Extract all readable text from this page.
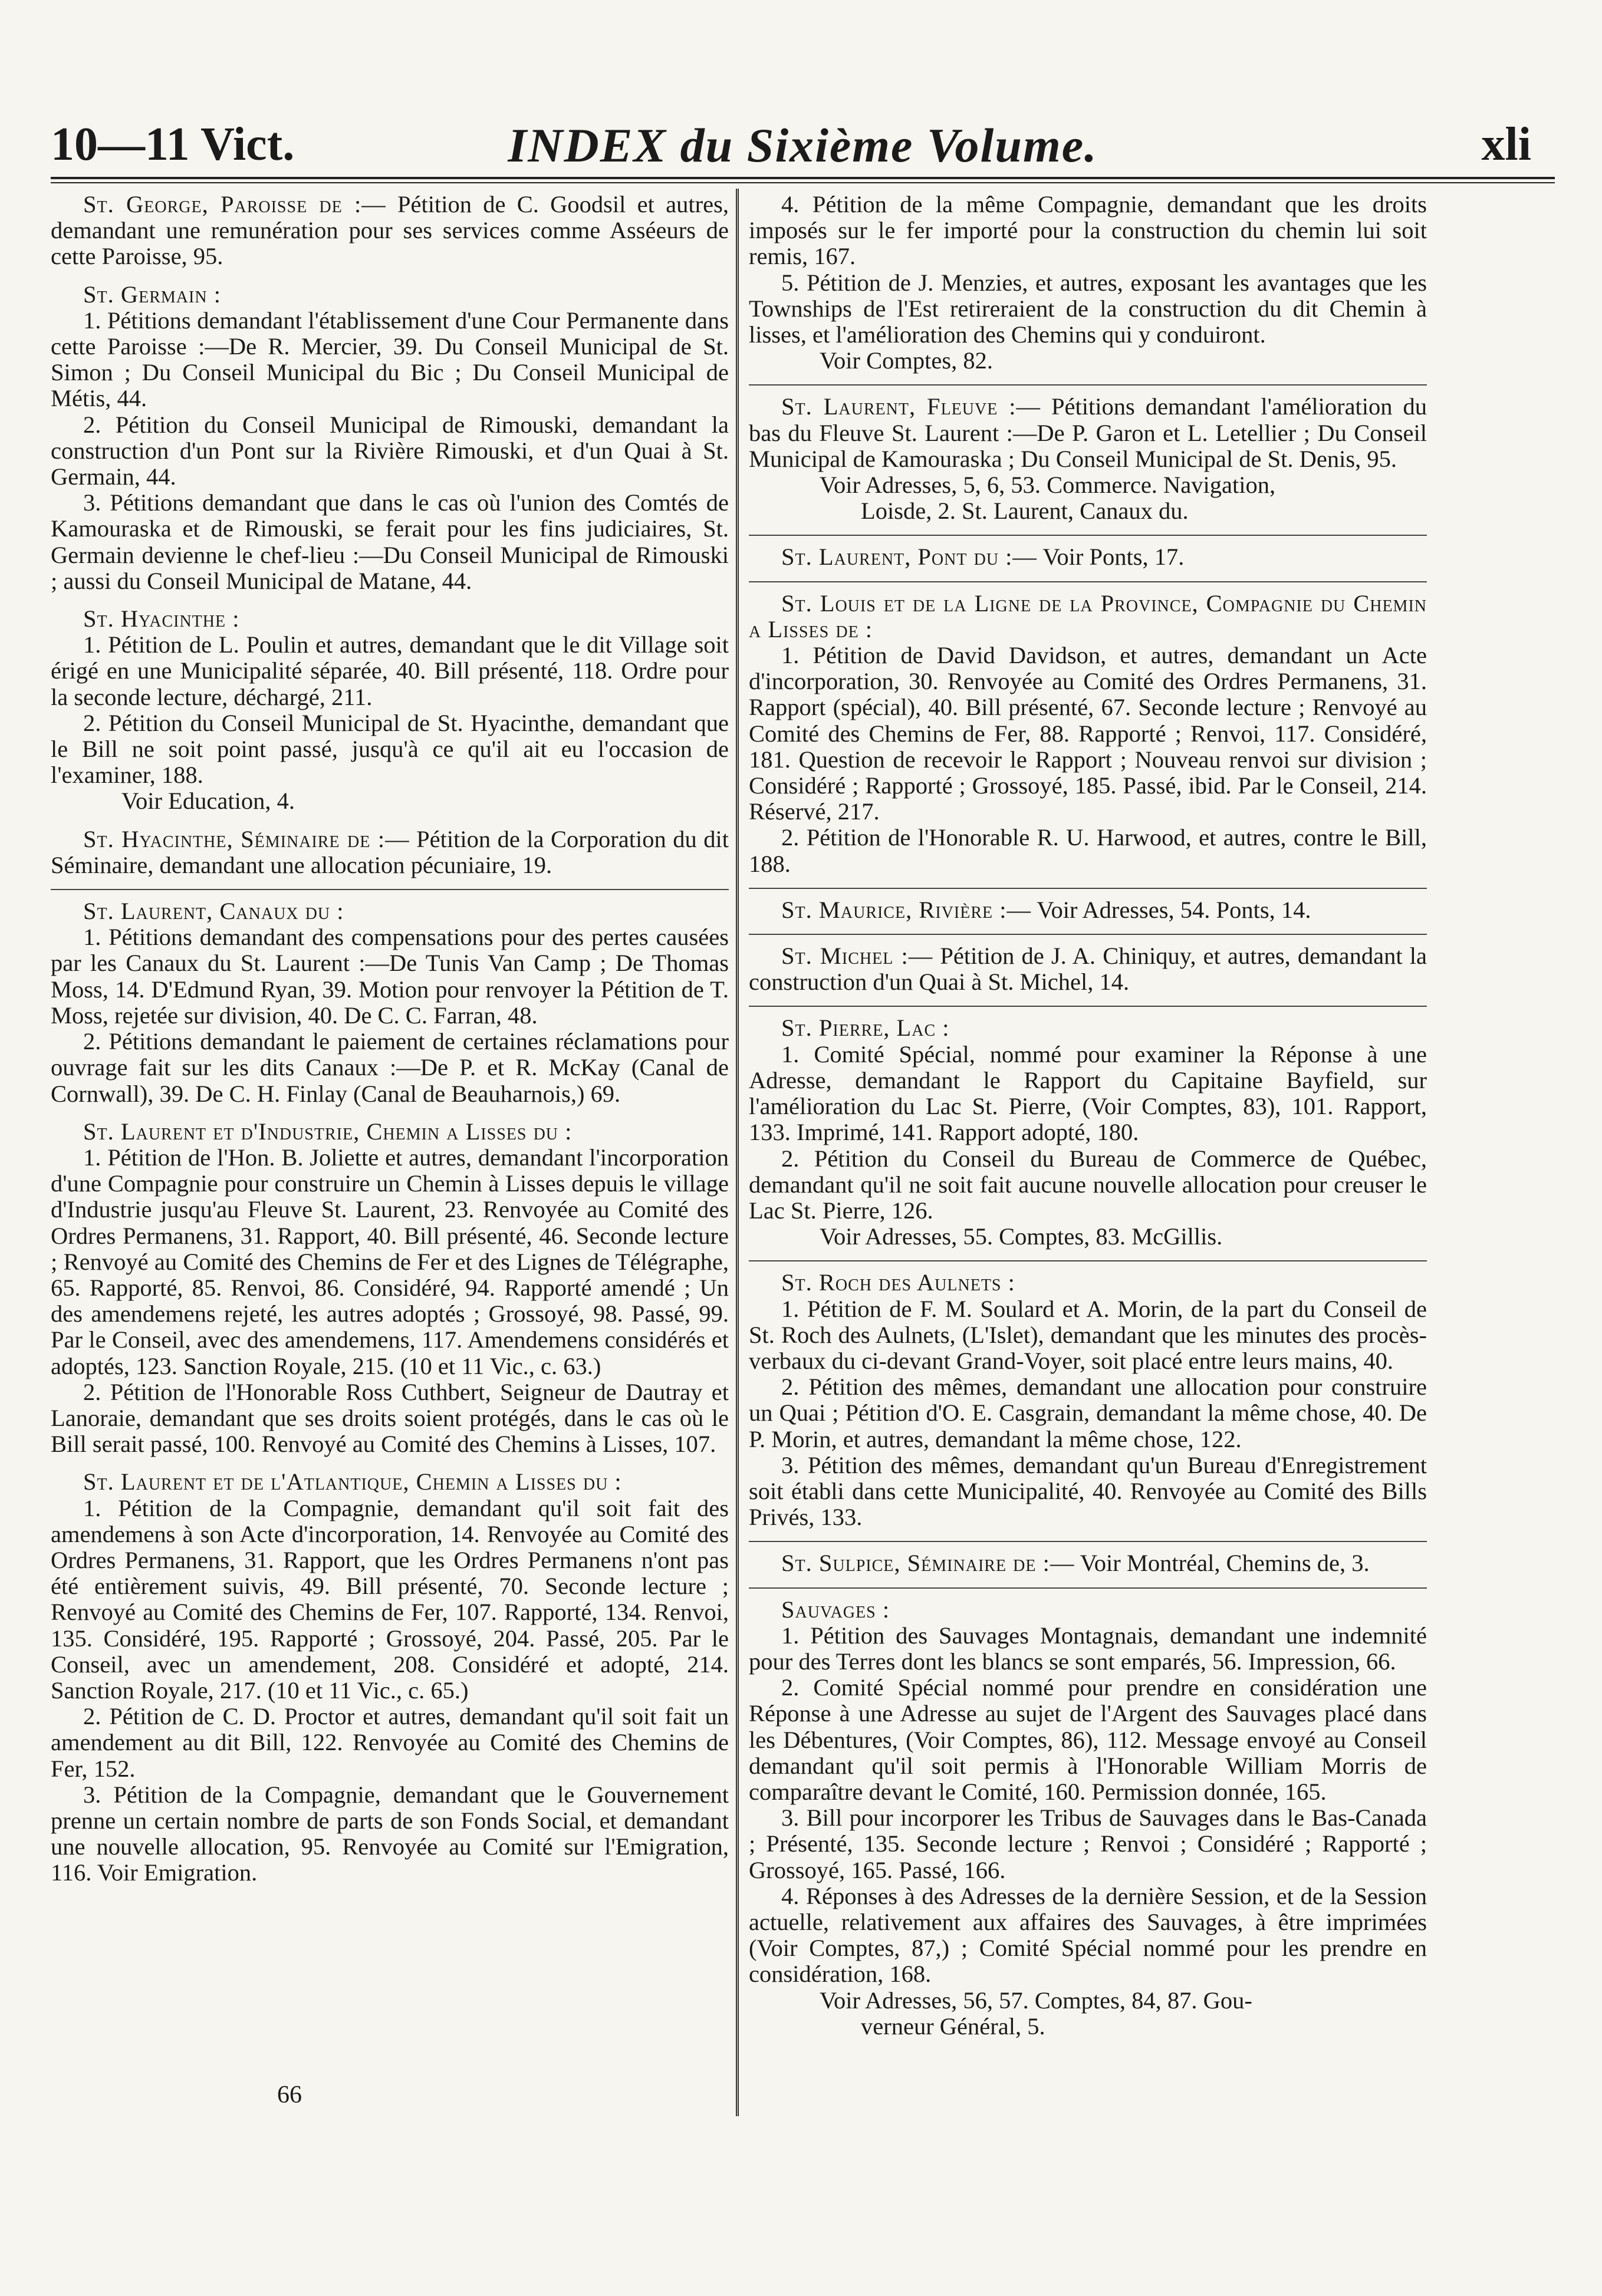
10—11 Vict.	INDEX du Sixième Volume.	xli

St. George, Paroisse de :— Pétition de C. Goodsil et autres, demandant une remunération pour ses services comme Asséeurs de cette Paroisse, 95.

St. Germain :

1. Pétitions demandant l'établissement d'une Cour Permanente dans cette Paroisse :—De R. Mercier, 39. Du Conseil Municipal de St. Simon ; Du Conseil Municipal du Bic ; Du Conseil Municipal de Métis, 44.

2. Pétition du Conseil Municipal de Rimouski, demandant la construction d'un Pont sur la Rivière Rimouski, et d'un Quai à St. Germain, 44.

3. Pétitions demandant que dans le cas où l'union des Comtés de Kamouraska et de Rimouski, se ferait pour les fins judiciaires, St. Germain devienne le chef-lieu :—Du Conseil Municipal de Rimouski ; aussi du Conseil Municipal de Matane, 44.

St. Hyacinthe :

1. Pétition de L. Poulin et autres, demandant que le dit Village soit érigé en une Municipalité séparée, 40. Bill présenté, 118. Ordre pour la seconde lecture, déchargé, 211.

2. Pétition du Conseil Municipal de St. Hyacinthe, demandant que le Bill ne soit point passé, jusqu'à ce qu'il ait eu l'occasion de l'examiner, 188.

Voir Education, 4.

St. Hyacinthe, Séminaire de :— Pétition de la Corporation du dit Séminaire, demandant une allocation pécuniaire, 19.

St. Laurent, Canaux du :

1. Pétitions demandant des compensations pour des pertes causées par les Canaux du St. Laurent :—De Tunis Van Camp ; De Thomas Moss, 14. D'Edmund Ryan, 39. Motion pour renvoyer la Pétition de T. Moss, rejetée sur division, 40. De C. C. Farran, 48.

2. Pétitions demandant le paiement de certaines réclamations pour ouvrage fait sur les dits Canaux :—De P. et R. McKay (Canal de Cornwall), 39. De C. H. Finlay (Canal de Beauharnois,) 69.

St. Laurent et d'Industrie, Chemin a Lisses du :

1. Pétition de l'Hon. B. Joliette et autres, demandant l'incorporation d'une Compagnie pour construire un Chemin à Lisses depuis le village d'Industrie jusqu'au Fleuve St. Laurent, 23. Renvoyée au Comité des Ordres Permanens, 31. Rapport, 40. Bill présenté, 46. Seconde lecture ; Renvoyé au Comité des Chemins de Fer et des Lignes de Télégraphe, 65. Rapporté, 85. Renvoi, 86. Considéré, 94. Rapporté amendé ; Un des amendemens rejeté, les autres adoptés ; Grossoyé, 98. Passé, 99. Par le Conseil, avec des amendemens, 117. Amendemens considérés et adoptés, 123. Sanction Royale, 215. (10 et 11 Vic., c. 63.)

2. Pétition de l'Honorable Ross Cuthbert, Seigneur de Dautray et Lanoraie, demandant que ses droits soient protégés, dans le cas où le Bill serait passé, 100. Renvoyé au Comité des Chemins à Lisses, 107.

St. Laurent et de l'Atlantique, Chemin a Lisses du :

1. Pétition de la Compagnie, demandant qu'il soit fait des amendemens à son Acte d'incorporation, 14. Renvoyée au Comité des Ordres Permanens, 31. Rapport, que les Ordres Permanens n'ont pas été entièrement suivis, 49. Bill présenté, 70. Seconde lecture ; Renvoyé au Comité des Chemins de Fer, 107. Rapporté, 134. Renvoi, 135. Considéré, 195. Rapporté ; Grossoyé, 204. Passé, 205. Par le Conseil, avec un amendement, 208. Considéré et adopté, 214. Sanction Royale, 217. (10 et 11 Vic., c. 65.)

2. Pétition de C. D. Proctor et autres, demandant qu'il soit fait un amendement au dit Bill, 122. Renvoyée au Comité des Chemins de Fer, 152.

3. Pétition de la Compagnie, demandant que le Gouvernement prenne un certain nombre de parts de son Fonds Social, et demandant une nouvelle allocation, 95. Renvoyée au Comité sur l'Emigration, 116. Voir Emigration.

4. Pétition de la même Compagnie, demandant que les droits imposés sur le fer importé pour la construction du chemin lui soit remis, 167.

5. Pétition de J. Menzies, et autres, exposant les avantages que les Townships de l'Est retireraient de la construction du dit Chemin à lisses, et l'amélioration des Chemins qui y conduiront.

Voir Comptes, 82.

St. Laurent, Fleuve :— Pétitions demandant l'amélioration du bas du Fleuve St. Laurent :—De P. Garon et L. Letellier ; Du Conseil Municipal de Kamouraska ; Du Conseil Municipal de St. Denis, 95.

Voir Adresses, 5, 6, 53. Commerce. Navigation,

Loisde, 2. St. Laurent, Canaux du.

St. Laurent, Pont du :— Voir Ponts, 17.

St. Louis et de la Ligne de la Province, Compagnie du Chemin a Lisses de :

1. Pétition de David Davidson, et autres, demandant un Acte d'incorporation, 30. Renvoyée au Comité des Ordres Permanens, 31. Rapport (spécial), 40. Bill présenté, 67. Seconde lecture ; Renvoyé au Comité des Chemins de Fer, 88. Rapporté ; Renvoi, 117. Considéré, 181. Question de recevoir le Rapport ; Nouveau renvoi sur division ; Considéré ; Rapporté ; Grossoyé, 185. Passé, ibid. Par le Conseil, 214. Réservé, 217.

2. Pétition de l'Honorable R. U. Harwood, et autres, contre le Bill, 188.

St. Maurice, Rivière :— Voir Adresses, 54. Ponts, 14.

St. Michel :— Pétition de J. A. Chiniquy, et autres, demandant la construction d'un Quai à St. Michel, 14.

St. Pierre, Lac :

1. Comité Spécial, nommé pour examiner la Réponse à une Adresse, demandant le Rapport du Capitaine Bayfield, sur l'amélioration du Lac St. Pierre, (Voir Comptes, 83), 101. Rapport, 133. Imprimé, 141. Rapport adopté, 180.

2. Pétition du Conseil du Bureau de Commerce de Québec, demandant qu'il ne soit fait aucune nouvelle allocation pour creuser le Lac St. Pierre, 126.

Voir Adresses, 55. Comptes, 83. McGillis.

St. Roch des Aulnets :

1. Pétition de F. M. Soulard et A. Morin, de la part du Conseil de St. Roch des Aulnets, (L'Islet), demandant que les minutes des procès-verbaux du ci-devant Grand-Voyer, soit placé entre leurs mains, 40.

2. Pétition des mêmes, demandant une allocation pour construire un Quai ; Pétition d'O. E. Casgrain, demandant la même chose, 40. De P. Morin, et autres, demandant la même chose, 122.

3. Pétition des mêmes, demandant qu'un Bureau d'Enregistrement soit établi dans cette Municipalité, 40. Renvoyée au Comité des Bills Privés, 133.

St. Sulpice, Séminaire de :— Voir Montréal, Chemins de, 3.

Sauvages :

1. Pétition des Sauvages Montagnais, demandant une indemnité pour des Terres dont les blancs se sont emparés, 56. Impression, 66.

2. Comité Spécial nommé pour prendre en considération une Réponse à une Adresse au sujet de l'Argent des Sauvages placé dans les Débentures, (Voir Comptes, 86), 112. Message envoyé au Conseil demandant qu'il soit permis à l'Honorable William Morris de comparaître devant le Comité, 160. Permission donnée, 165.

3. Bill pour incorporer les Tribus de Sauvages dans le Bas-Canada ; Présenté, 135. Seconde lecture ; Renvoi ; Considéré ; Rapporté ; Grossoyé, 165. Passé, 166.

4. Réponses à des Adresses de la dernière Session, et de la Session actuelle, relativement aux affaires des Sauvages, à être imprimées (Voir Comptes, 87,) ; Comité Spécial nommé pour les prendre en considération, 168.

Voir Adresses, 56, 57. Comptes, 84, 87. Gou-

verneur Général, 5.

66
